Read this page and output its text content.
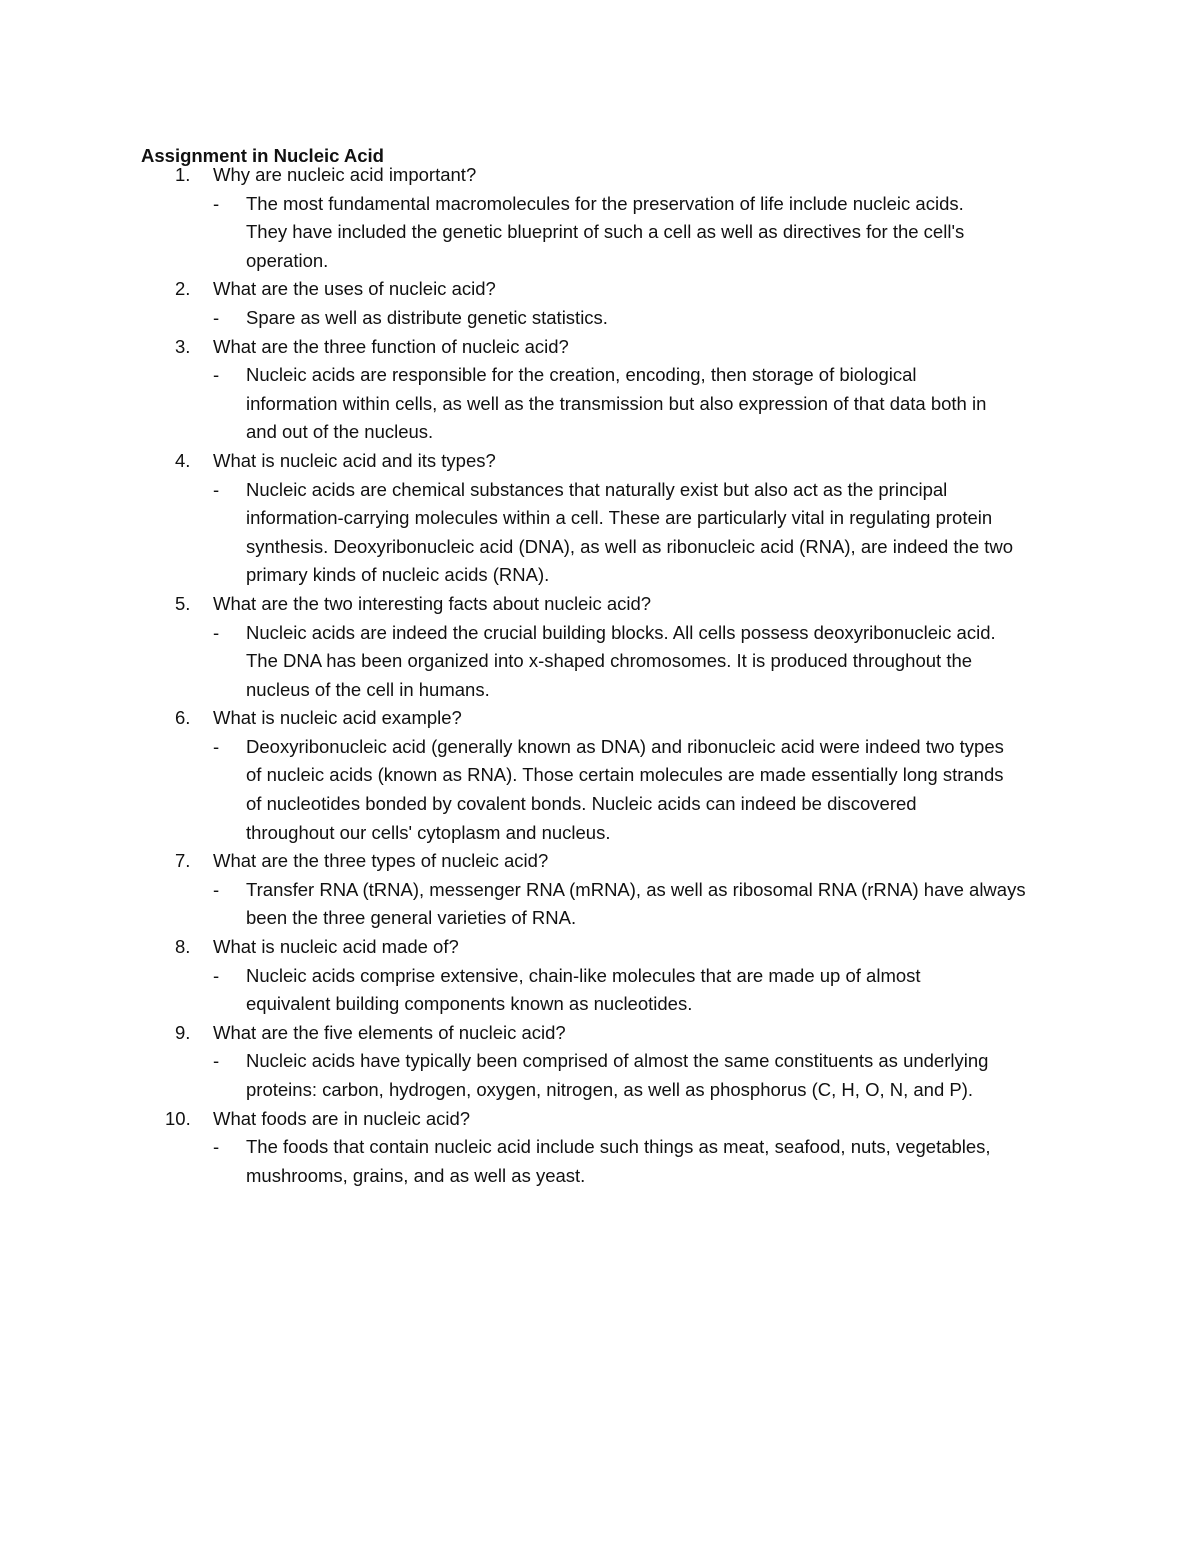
Assignment in Nucleic Acid
1. Why are nucleic acid important?
- The most fundamental macromolecules for the preservation of life include nucleic acids.
They have included the genetic blueprint of such a cell as well as directives for the cell's
operation.
2. What are the uses of nucleic acid?
- Spare as well as distribute genetic statistics.
3. What are the three function of nucleic acid?
- Nucleic acids are responsible for the creation, encoding, then storage of biological
information within cells, as well as the transmission but also expression of that data both in
and out of the nucleus.
4. What is nucleic acid and its types?
- Nucleic acids are chemical substances that naturally exist but also act as the principal
information-carrying molecules within a cell. These are particularly vital in regulating protein
synthesis. Deoxyribonucleic acid (DNA), as well as ribonucleic acid (RNA), are indeed the two
primary kinds of nucleic acids (RNA).
5. What are the two interesting facts about nucleic acid?
- Nucleic acids are indeed the crucial building blocks. All cells possess deoxyribonucleic acid.
The DNA has been organized into x-shaped chromosomes. It is produced throughout the
nucleus of the cell in humans.
6. What is nucleic acid example?
- Deoxyribonucleic acid (generally known as DNA) and ribonucleic acid were indeed two types
of nucleic acids (known as RNA). Those certain molecules are made essentially long strands
of nucleotides bonded by covalent bonds. Nucleic acids can indeed be discovered
throughout our cells' cytoplasm and nucleus.
7. What are the three types of nucleic acid?
- Transfer RNA (tRNA), messenger RNA (mRNA), as well as ribosomal RNA (rRNA) have always
been the three general varieties of RNA.
8. What is nucleic acid made of?
- Nucleic acids comprise extensive, chain-like molecules that are made up of almost
equivalent building components known as nucleotides.
9. What are the five elements of nucleic acid?
- Nucleic acids have typically been comprised of almost the same constituents as underlying
proteins: carbon, hydrogen, oxygen, nitrogen, as well as phosphorus (C, H, O, N, and P).
10. What foods are in nucleic acid?
- The foods that contain nucleic acid include such things as meat, seafood, nuts, vegetables,
mushrooms, grains, and as well as yeast.
